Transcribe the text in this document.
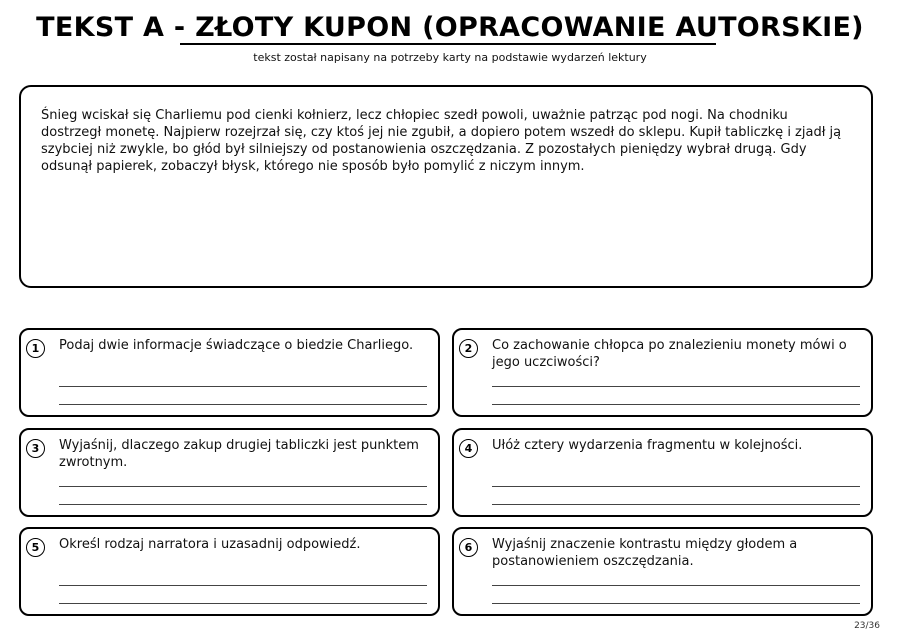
TEKST A - ZŁOTY KUPON (OPRACOWANIE AUTORSKIE)
tekst został napisany na potrzeby karty na podstawie wydarzeń lektury
Śnieg wciskał się Charliemu pod cienki kołnierz, lecz chłopiec szedł powoli, uważnie patrząc pod nogi. Na chodniku dostrzegł monetę. Najpierw rozejrzał się, czy ktoś jej nie zgubił, a dopiero potem wszedł do sklepu. Kupił tabliczkę i zjadł ją szybciej niż zwykle, bo głód był silniejszy od postanowienia oszczędzania. Z pozostałych pieniędzy wybrał drugą. Gdy odsunął papierek, zobaczył błysk, którego nie sposób było pomylić z niczym innym.
1	Podaj dwie informacje świadczące o biedzie Charliego.	2	Co zachowanie chłopca po znalezieniu monety mówi o jego uczciwości?
3	Wyjaśnij, dlaczego zakup drugiej tabliczki jest punktem zwrotnym.
4	Ułóż cztery wydarzenia fragmentu w kolejności.
5	Określ rodzaj narratora i uzasadnij odpowiedź.	6	Wyjaśnij znaczenie kontrastu między głodem a postanowieniem oszczędzania.
23/36
